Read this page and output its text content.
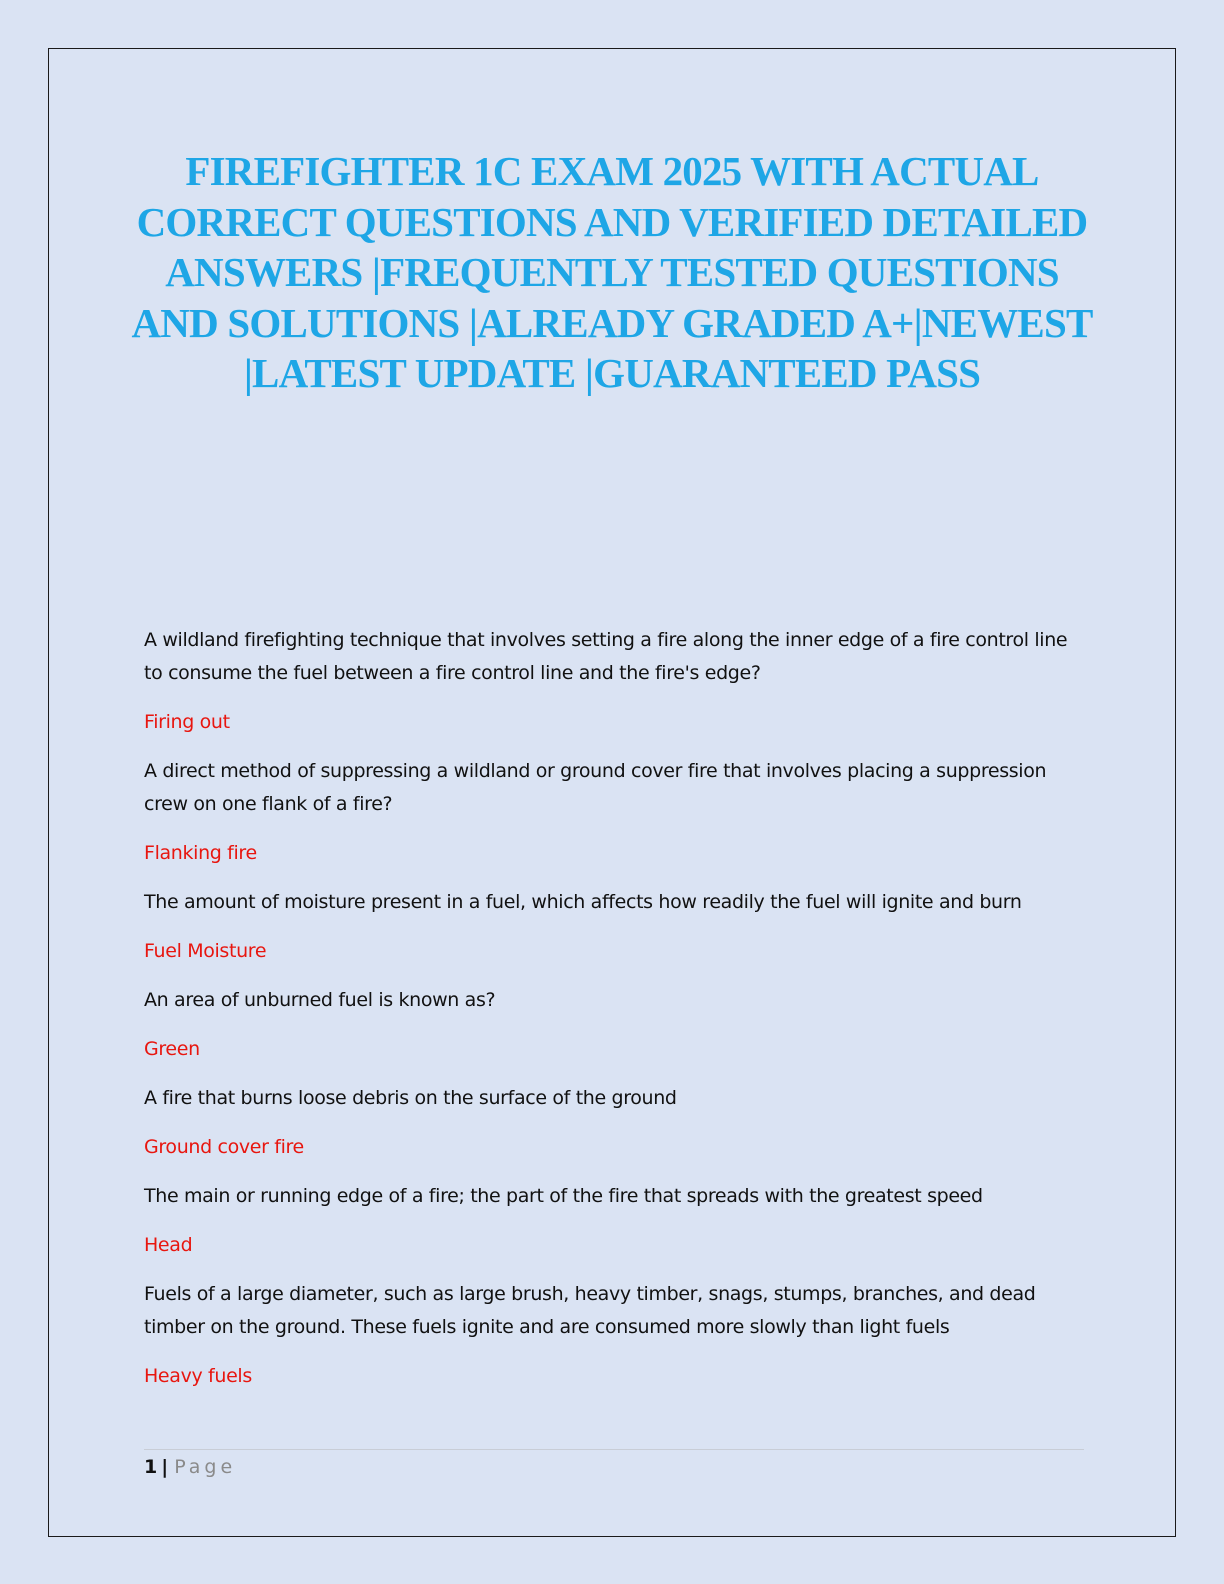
FIREFIGHTER 1C EXAM 2025 WITH ACTUAL CORRECT QUESTIONS AND VERIFIED DETAILED ANSWERS |FREQUENTLY TESTED QUESTIONS AND SOLUTIONS |ALREADY GRADED A+|NEWEST |LATEST UPDATE |GUARANTEED PASS

A wildland firefighting technique that involves setting a fire along the inner edge of a fire control line to consume the fuel between a fire control line and the fire's edge?

Firing out

A direct method of suppressing a wildland or ground cover fire that involves placing a suppression crew on one flank of a fire?

Flanking fire

The amount of moisture present in a fuel, which affects how readily the fuel will ignite and burn

Fuel Moisture

An area of unburned fuel is known as?

Green

A fire that burns loose debris on the surface of the ground

Ground cover fire

The main or running edge of a fire; the part of the fire that spreads with the greatest speed

Head

Fuels of a large diameter, such as large brush, heavy timber, snags, stumps, branches, and dead timber on the ground. These fuels ignite and are consumed more slowly than light fuels

Heavy fuels

1 | Page
